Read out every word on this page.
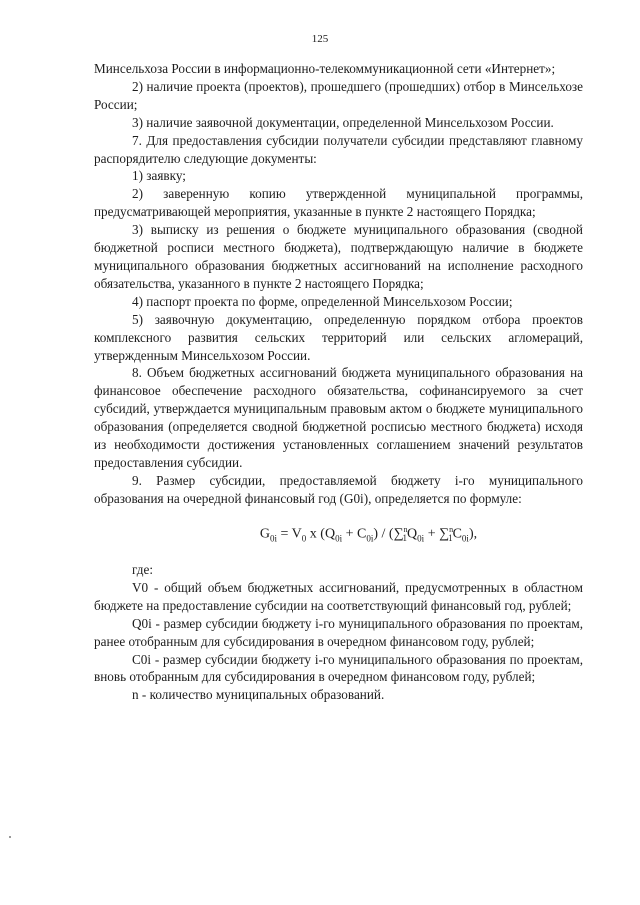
125

Минсельхоза России в информационно-телекоммуникационной сети «Интернет»;

2) наличие проекта (проектов), прошедшего (прошедших) отбор в Минсельхозе России;

3) наличие заявочной документации, определенной Минсельхозом России.

7. Для предоставления субсидии получатели субсидии представляют главному распорядителю следующие документы:

1) заявку;

2) заверенную копию утвержденной муниципальной программы, предусматривающей мероприятия, указанные в пункте 2 настоящего Порядка;

3) выписку из решения о бюджете муниципального образования (сводной бюджетной росписи местного бюджета), подтверждающую наличие в бюджете муниципального образования бюджетных ассигнований на исполнение расходного обязательства, указанного в пункте 2 настоящего Порядка;

4) паспорт проекта по форме, определенной Минсельхозом России;

5) заявочную документацию, определенную порядком отбора проектов комплексного развития сельских территорий или сельских агломераций, утвержденным Минсельхозом России.

8. Объем бюджетных ассигнований бюджета муниципального образования на финансовое обеспечение расходного обязательства, софинансируемого за счет субсидий, утверждается муниципальным правовым актом о бюджете муниципального образования (определяется сводной бюджетной росписью местного бюджета) исходя из необходимости достижения установленных соглашением значений результатов предоставления субсидии.

9. Размер субсидии, предоставляемой бюджету i-го муниципального образования на очередной финансовый год (G0i), определяется по формуле:

$G_{0i} = V_0$ x $(Q_{0i} + C_{0i}) / (\sum^n_1Q_{0i} + \sum^n_1C_{0i})$,

где:

V0 - общий объем бюджетных ассигнований, предусмотренных в областном бюджете на предоставление субсидии на соответствующий финансовый год, рублей;

Q0i - размер субсидии бюджету i-го муниципального образования по проектам, ранее отобранным для субсидирования в очередном финансовом году, рублей;

C0i - размер субсидии бюджету i-го муниципального образования по проектам, вновь отобранным для субсидирования в очередном финансовом году, рублей;

n - количество муниципальных образований.
